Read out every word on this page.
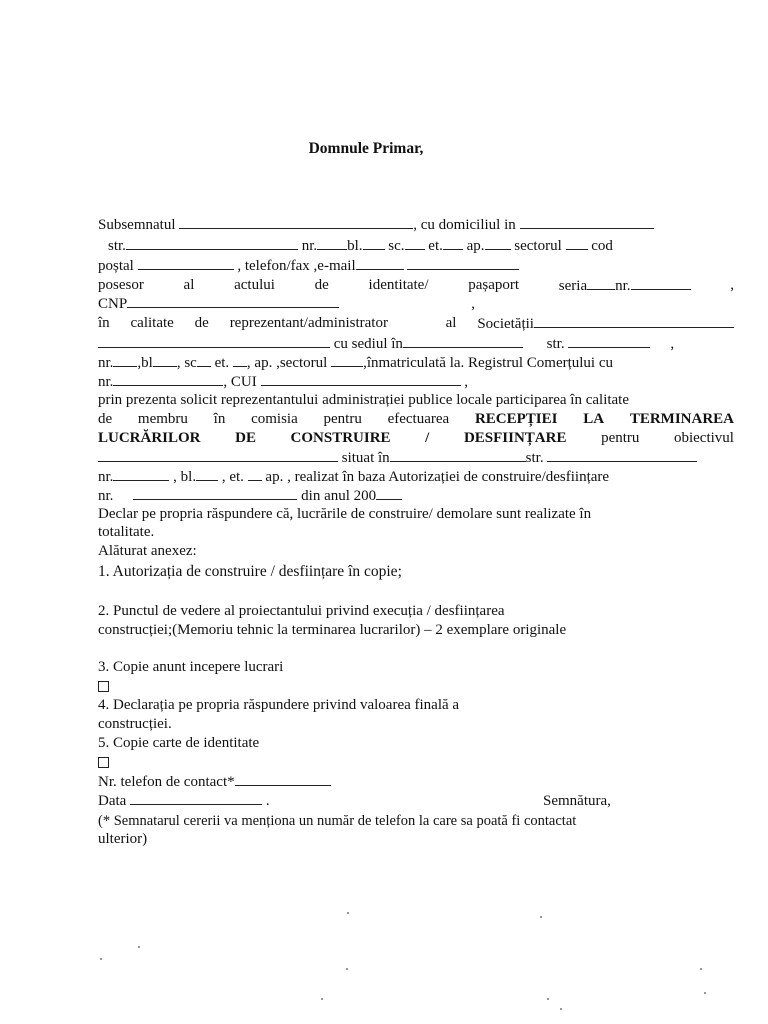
Domnule Primar,
Subsemnatul	, cu domiciliul in
str.	nr. bl. sc. et. ap. sectorul cod
poștal	, telefon/fax ,e-mail
posesor	al	actului	de	identitate/	pașaport	seria nr.	,
CNP	,
în calitate de reprezentant/administrator	al Societății
cu sediul în	str.	,
nr. ,bl , sc et. , ap. ,sectorul ,înmatriculată la. Registrul Comerțului cu
nr.	, CUI	,
prin prezenta solicit reprezentantului administrației publice locale participarea în calitate
de membru în comisia pentru efectuarea RECEPȚIEI LA TERMINAREA
LUCRĂRILOR DE CONSTRUIRE / DESFIINȚARE pentru obiectivul
situat în	str.
nr.	, bl. , et. ap. , realizat în baza Autorizației de construire/desființare
nr.	din anul 200
Declar pe propria răspundere că, lucrările de construire/ demolare sunt realizate în
totalitate.
Alăturat anexez:
1. Autorizația de construire / desființare în copie;
2. Punctul de vedere al proiectantului privind execuția / desființarea
construcției;(Memoriu tehnic la terminarea lucrarilor) – 2 exemplare originale
3. Copie anunt incepere lucrari
4. Declarația pe propria răspundere privind valoarea finală a
construcției.
5. Copie carte de identitate
Nr. telefon de contact*
Data	.	Semnătura,
(* Semnatarul cererii va menționa un număr de telefon la care sa poată fi contactat
ulterior)
